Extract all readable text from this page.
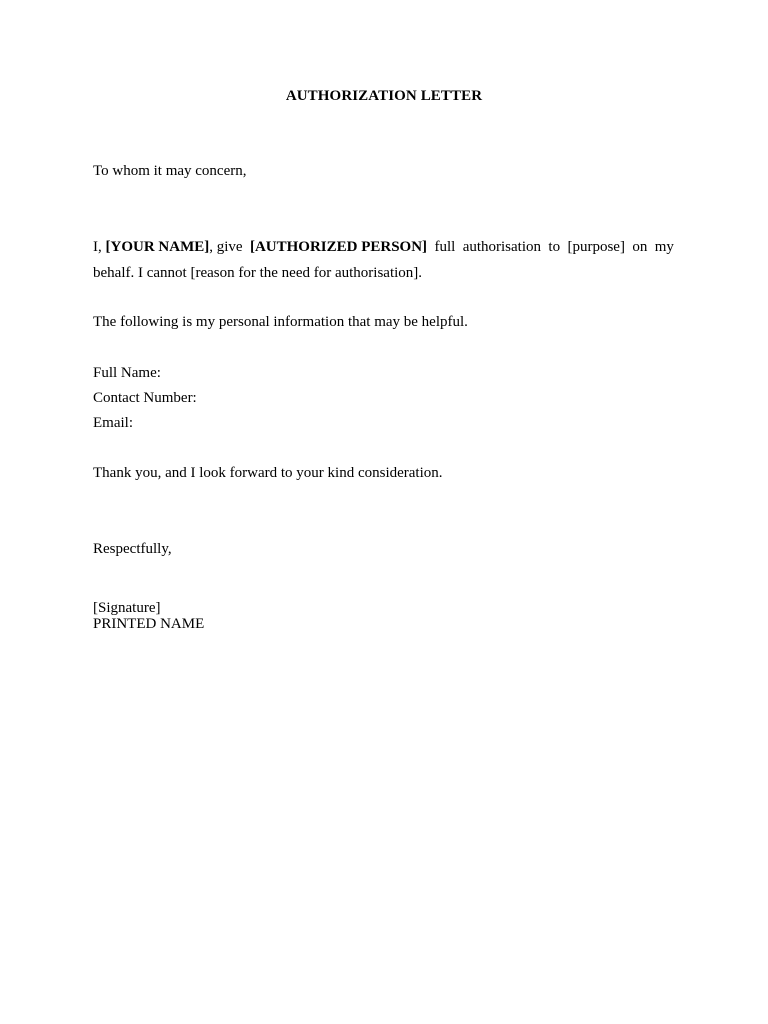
AUTHORIZATION LETTER
To whom it may concern,
I, [YOUR NAME], give [AUTHORIZED PERSON] full authorisation to [purpose] on my
behalf. I cannot [reason for the need for authorisation].
The following is my personal information that may be helpful.
Full Name:
Contact Number:
Email:
Thank you, and I look forward to your kind consideration.
Respectfully,
[Signature]
PRINTED NAME
